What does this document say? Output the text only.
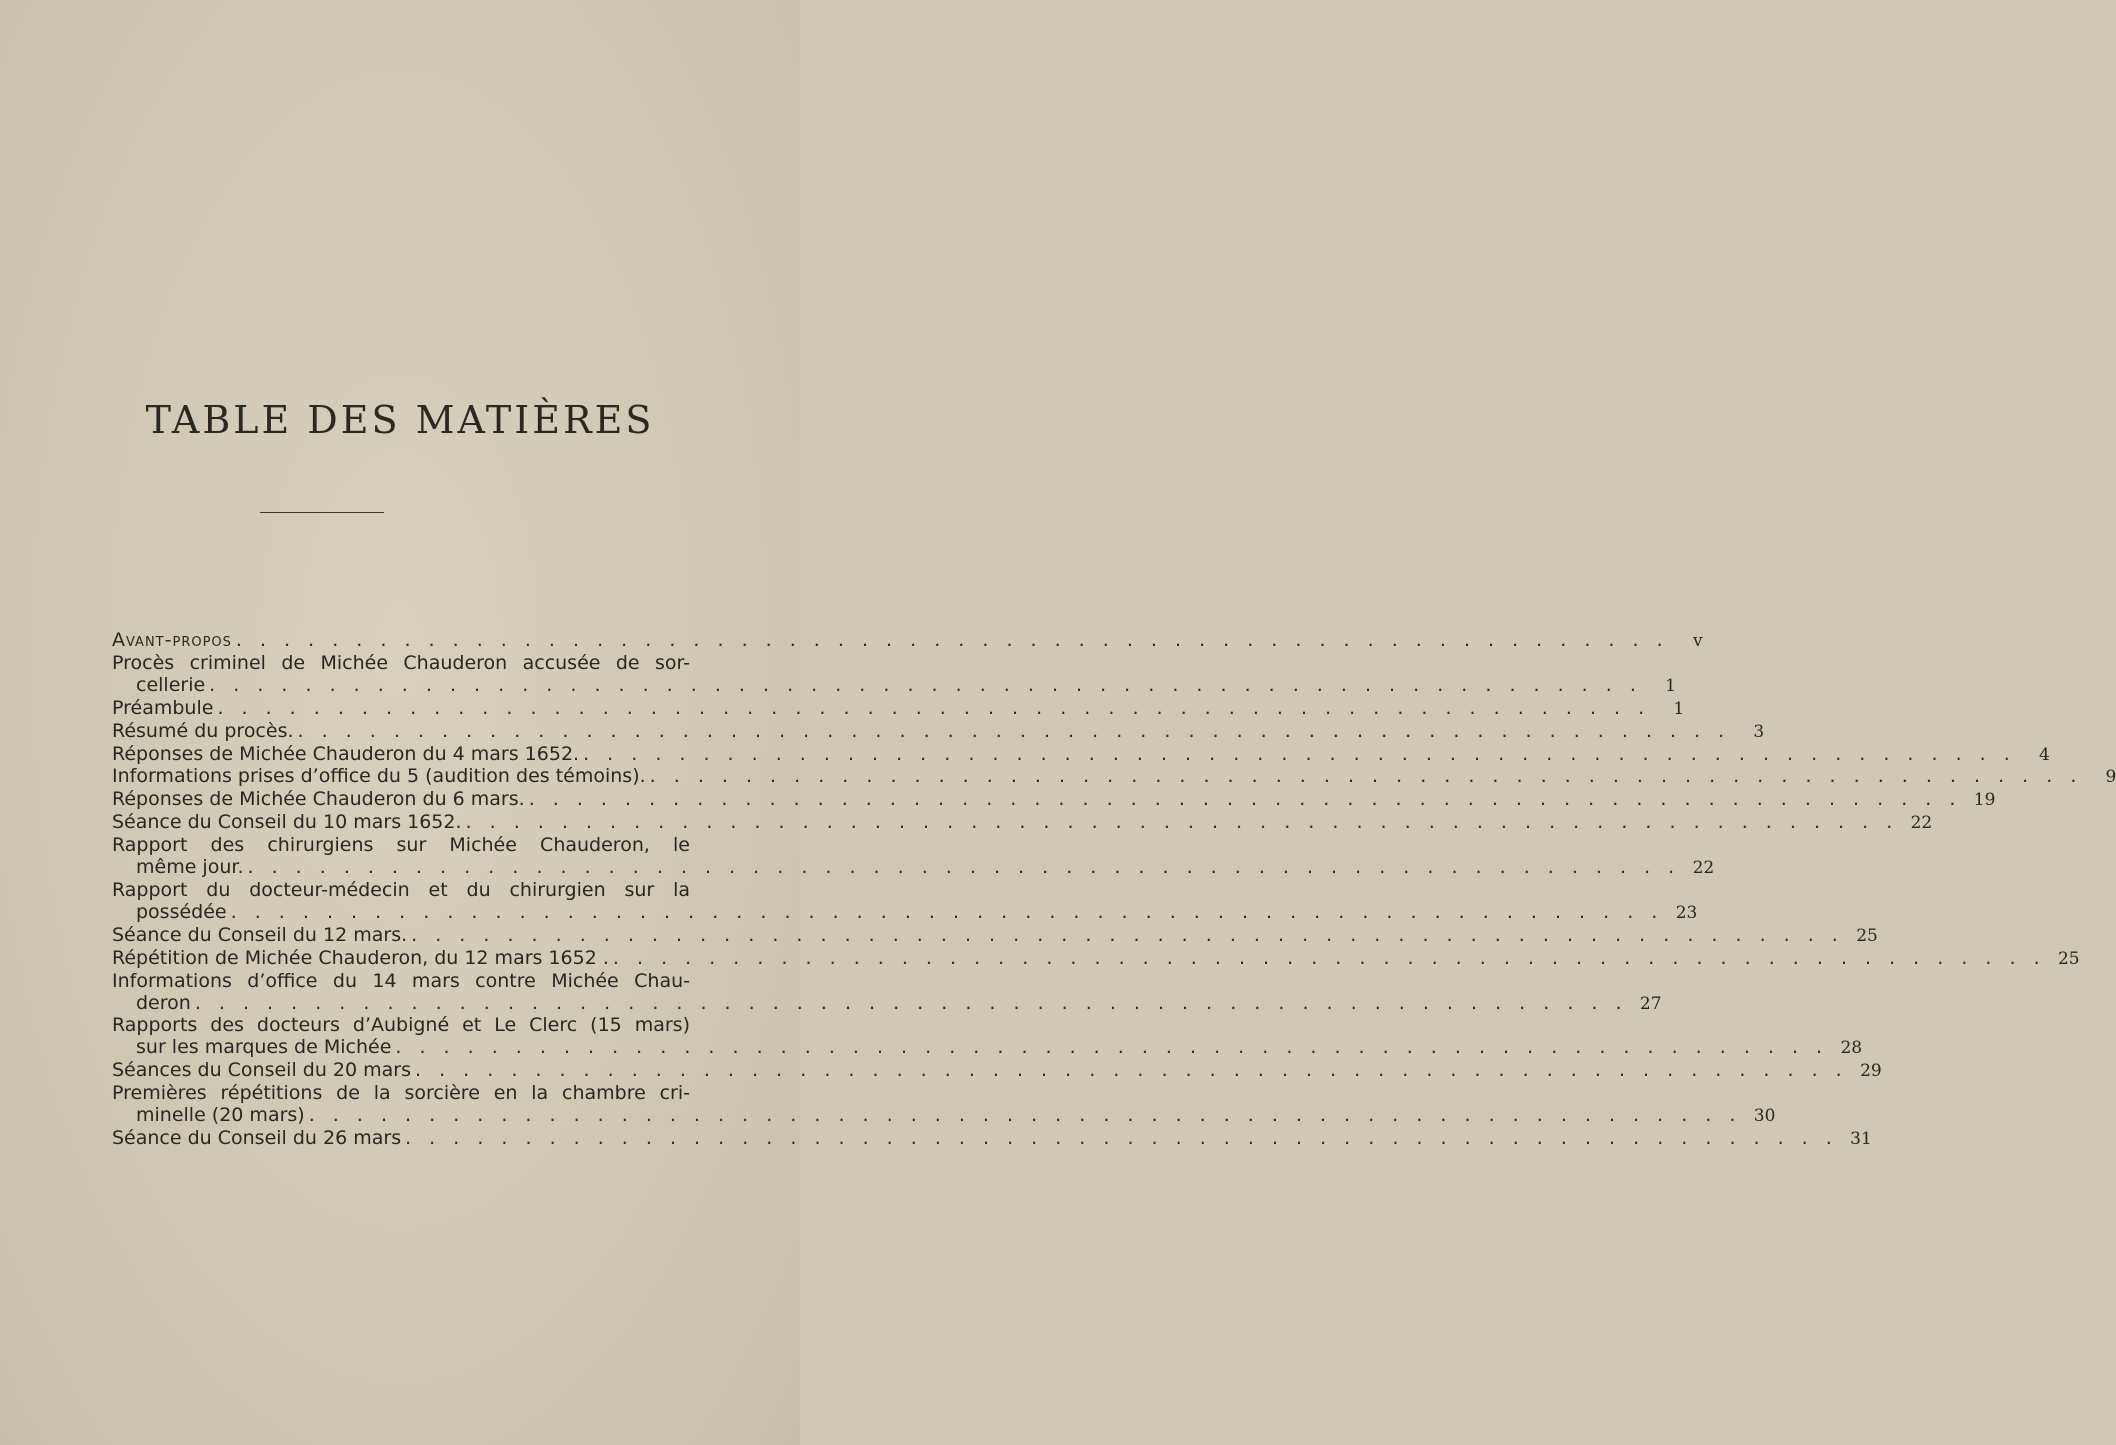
TABLE DES MATIÈRES
Avant-propos . . . . . . . . . . . . . . . . . . . . . . . . . . . . . . . . . . . . . . . . . . . . . . . . . . . . . . . . . . . .	v
Procès criminel de Michée Chauderon accusée de sor-
cellerie . . . . . . . . . . . . . . . . . . . . . . . . . . . . . . . . . . . . . . . . . . . . . . . . . . . . . . . . . . . .	1
Préambule . . . . . . . . . . . . . . . . . . . . . . . . . . . . . . . . . . . . . . . . . . . . . . . . . . . . . . . . . . . .	1
Résumé du procès. . . . . . . . . . . . . . . . . . . . . . . . . . . . . . . . . . . . . . . . . . . . . . . . . . . . . . . . . . . . .	3
Réponses de Michée Chauderon du 4 mars 1652. . . . . . . . . . . . . . . . . . . . . . . . . . . . . . . . . . . . . . . . . . . . . . . . . . . . . . . . . . . . .	4
Informations prises d’office du 5 (audition des témoins). . . . . . . . . . . . . . . . . . . . . . . . . . . . . . . . . . . . . . . . . . . . . . . . . . . . . . . . . . . . .	9
Réponses de Michée Chauderon du 6 mars. . . . . . . . . . . . . . . . . . . . . . . . . . . . . . . . . . . . . . . . . . . . . . . . . . . . . . . . . . . . . 19
Séance du Conseil du 10 mars 1652. . . . . . . . . . . . . . . . . . . . . . . . . . . . . . . . . . . . . . . . . . . . . . . . . . . . . . . . . . . . . 22
Rapport des chirurgiens sur Michée Chauderon, le
même jour. . . . . . . . . . . . . . . . . . . . . . . . . . . . . . . . . . . . . . . . . . . . . . . . . . . . . . . . . . . . . 22
Rapport du docteur-médecin et du chirurgien sur la
possédée . . . . . . . . . . . . . . . . . . . . . . . . . . . . . . . . . . . . . . . . . . . . . . . . . . . . . . . . . . . . 23
Séance du Conseil du 12 mars. . . . . . . . . . . . . . . . . . . . . . . . . . . . . . . . . . . . . . . . . . . . . . . . . . . . . . . . . . . . . 25
Répétition de Michée Chauderon, du 12 mars 1652 . . . . . . . . . . . . . . . . . . . . . . . . . . . . . . . . . . . . . . . . . . . . . . . . . . . . . . . . . . . . . 25
Informations d’office du 14 mars contre Michée Chau-
deron . . . . . . . . . . . . . . . . . . . . . . . . . . . . . . . . . . . . . . . . . . . . . . . . . . . . . . . . . . . . 27
Rapports des docteurs d’Aubigné et Le Clerc (15 mars)
sur les marques de Michée . . . . . . . . . . . . . . . . . . . . . . . . . . . . . . . . . . . . . . . . . . . . . . . . . . . . . . . . . . . . 28
Séances du Conseil du 20 mars . . . . . . . . . . . . . . . . . . . . . . . . . . . . . . . . . . . . . . . . . . . . . . . . . . . . . . . . . . . . 29
Premières répétitions de la sorcière en la chambre cri-
minelle (20 mars) . . . . . . . . . . . . . . . . . . . . . . . . . . . . . . . . . . . . . . . . . . . . . . . . . . . . . . . . . . . . 30
Séance du Conseil du 26 mars . . . . . . . . . . . . . . . . . . . . . . . . . . . . . . . . . . . . . . . . . . . . . . . . . . . . . . . . . . . . 31
